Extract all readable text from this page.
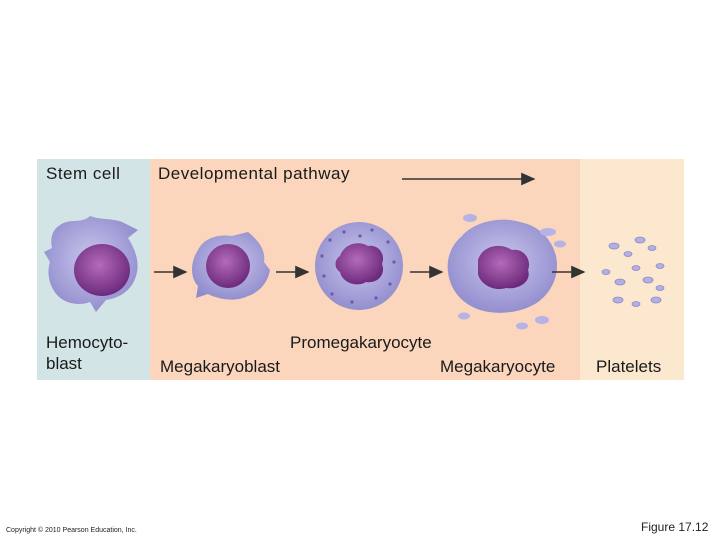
Stem cell Developmental pathway
Hemocyto-
blast
Promegakaryocyte
Megakaryoblast	Megakaryocyte Platelets
Copyright © 2010 Pearson Education, Inc.	Figure 17.12
